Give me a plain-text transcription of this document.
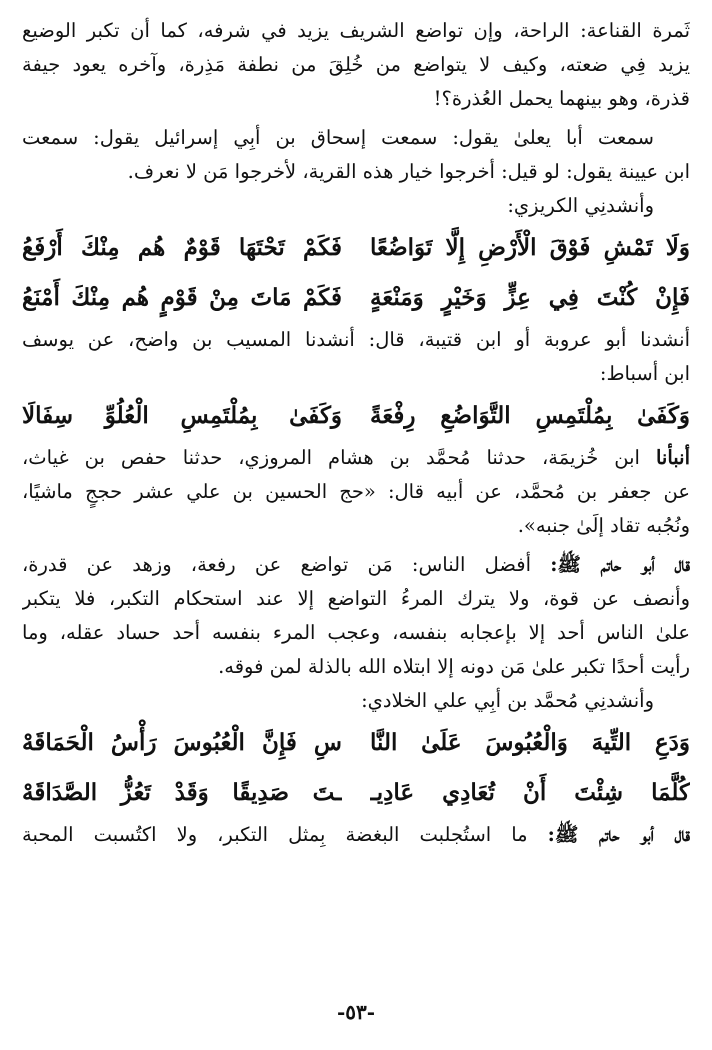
ثَمرة القناعة: الراحة، وإن تواضع الشريف يزيد في شرفه، كما أن تكبر الوضيع
يزيد فِي ضعته، وكيف لا يتواضع من خُلِقَ من نطفة مَذِرة، وآخره يعود جيفة
قذرة، وهو بينهما يحمل العُذرة؟!
سمعت أبا يعلىٰ يقول: سمعت إسحاق بن أبِي إسرائيل يقول: سمعت
ابن عيينة يقول: لو قيل: أخرجوا خيار هذه القرية، لأخرجوا مَن لا نعرف.
وأنشدنِي الكريزي:
وَلَا تَمْشِ فَوْقَ الْأَرْضِ إِلَّا تَوَاضُعًا
فَكَمْ تَحْتَهَا قَوْمٌ هُم مِنْكَ أَرْفَعُ
فَإِنْ كُنْتَ فِي عِزٍّ وَخَيْرٍ وَمَنْعَةٍ
فَكَمْ مَاتَ مِنْ قَوْمٍ هُم مِنْكَ أَمْنَعُ
أنشدنا أبو عروبة أو ابن قتيبة، قال: أنشدنا المسيب بن واضح، عن يوسف
ابن أسباط:
وَكَفَىٰ بِمُلْتَمِسِ التَّوَاضُعِ رِفْعَةً
وَكَفَىٰ بِمُلْتَمِسِ الْعُلُوِّ سِفَالَا
أنبأنا ابن خُزيمَة، حدثنا مُحمَّد بن هشام المروزي، حدثنا حفص بن غياث،
عن جعفر بن مُحمَّد، عن أبيه قال: «حج الحسين بن علي عشر حججٍ ماشيًا،
ونُجُبه تقاد إلَىٰ جنبه».
قال أبو حاتم ﷺ: أفضل الناس: مَن تواضع عن رفعة، وزهد عن قدرة،
وأنصف عن قوة، ولا يترك المرءُ التواضع إلا عند استحكام التكبر، فلا يتكبر
علىٰ الناس أحد إلا بإعجابه بنفسه، وعجب المرء بنفسه أحد حساد عقله، وما
رأيت أحدًا تكبر علىٰ مَن دونه إلا ابتلاه الله بالذلة لمن فوقه.
وأنشدنِي مُحمَّد بن أبِي علي الخلادي:
وَدَعِ التِّيهَ وَالْعُبُوسَ عَلَىٰ النَّا
سِ فَإِنَّ الْعُبُوسَ رَأْسُ الْحَمَاقَهْ
كُلَّمَا شِئْتَ أَنْ تُعَادِي عَادِيـ
ـتَ صَدِيقًا وَقَدْ تَعُزُّ الصَّدَاقَهْ
قال أبو حاتم ﷺ: ما استُجلبت البغضة بِمثل التكبر، ولا اكتُسبت المحبة
-٥٣-
